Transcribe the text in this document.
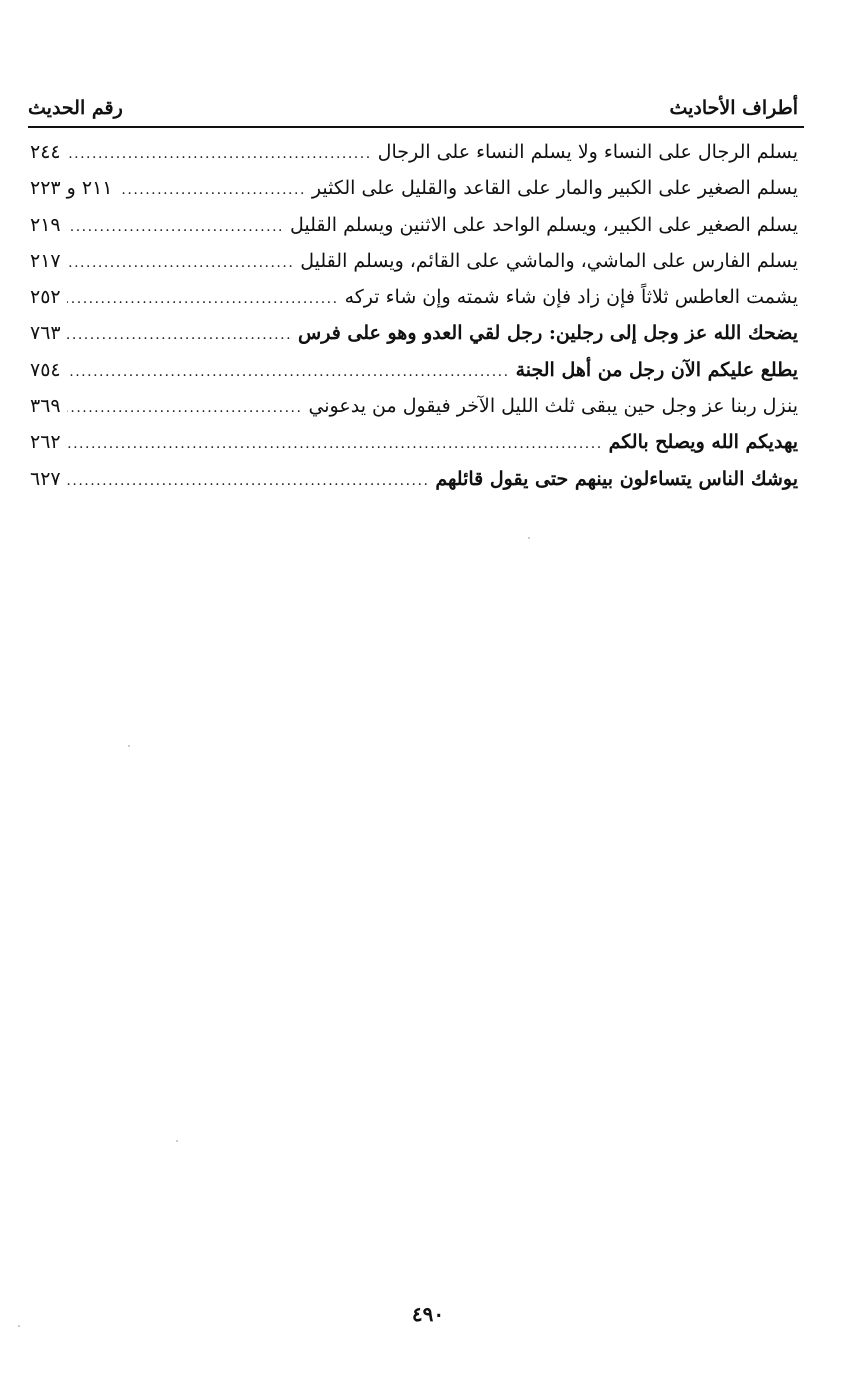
أطراف الأحاديث
رقم الحديث
يسلم الرجال على النساء ولا يسلم النساء على الرجال
.....
٢٤٤
يسلم الصغير على الكبير والمار على القاعد والقليل على الكثير
.....
٢١١ و ٢٢٣
يسلم الصغير على الكبير، ويسلم الواحد على الاثنين ويسلم القليل
.....
٢١٩
يسلم الفارس على الماشي، والماشي على القائم، ويسلم القليل
.....
٢١٧
يشمت العاطس ثلاثاً فإن زاد فإن شاء شمته وإن شاء تركه
.....
٢٥٢
يضحك الله عز وجل إلى رجلين: رجل لقي العدو وهو على فرس
.....
٧٦٣
يطلع عليكم الآن رجل من أهل الجنة
.....
٧٥٤
ينزل ربنا عز وجل حين يبقى ثلث الليل الآخر فيقول من يدعوني
.....
٣٦٩
يهديكم الله ويصلح بالكم
.....
٢٦٢
يوشك الناس يتساءلون بينهم حتى يقول قائلهم
.....
٦٢٧
٤٩٠
